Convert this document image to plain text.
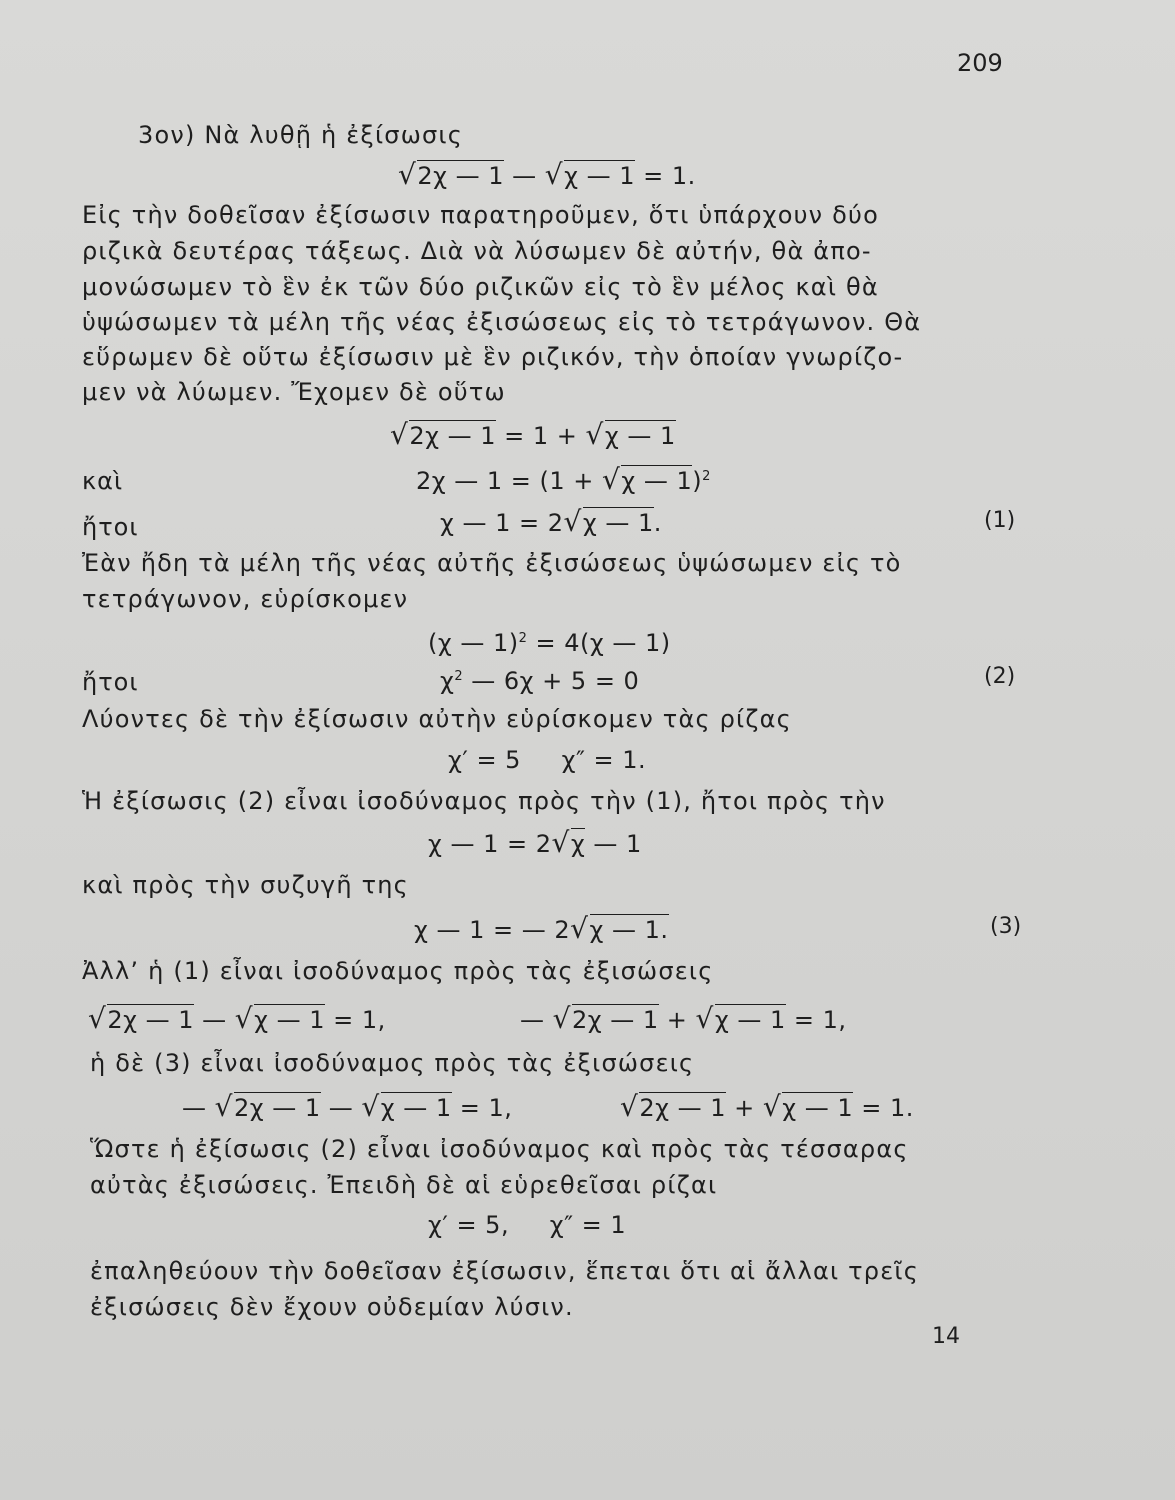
209
3ον) Νὰ λυθῇ ἡ ἐξίσωσις
√ 2χ — 1 — √ χ — 1 = 1.
Εἰς τὴν δοθεῖσαν ἐξίσωσιν παρατηροῦμεν, ὅτι ὑπάρχουν δύο
ριζικὰ δευτέρας τάξεως. Διὰ νὰ λύσωμεν δὲ αὐτήν, θὰ ἀπο-
μονώσωμεν τὸ ἓν ἐκ τῶν δύο ριζικῶν εἰς τὸ ἓν μέλος καὶ θὰ
ὑψώσωμεν τὰ μέλη τῆς νέας ἐξισώσεως εἰς τὸ τετράγωνον. Θὰ
εὕρωμεν δὲ οὕτω ἐξίσωσιν μὲ ἓν ριζικόν, τὴν ὁποίαν γνωρίζο-
μεν νὰ λύωμεν. Ἔχομεν δὲ οὕτω
√ 2χ — 1 = 1 + √ χ — 1
καὶ	2χ — 1 = (1 + √ χ — 1)$^2$
ἤτοι	χ — 1 = 2 √ χ — 1.	(1)
Ἐὰν ἤδη τὰ μέλη τῆς νέας αὐτῆς ἐξισώσεως ὑψώσωμεν εἰς τὸ
τετράγωνον, εὑρίσκομεν
(χ — 1)$^2$ = 4(χ — 1)
ἤτοι	$\chi^2$ — 6χ + 5 = 0	(2)
Λύοντες δὲ τὴν ἐξίσωσιν αὐτὴν εὑρίσκομεν τὰς ρίζας
χ′ = 5     χ″ = 1.
Ἡ ἐξίσωσις (2) εἶναι ἰσοδύναμος πρὸς τὴν (1), ἤτοι πρὸς τὴν
χ — 1 = 2 √ χ — 1
καὶ πρὸς τὴν συζυγῆ της
χ — 1 = — 2 √ χ — 1.	(3)
Ἀλλ’ ἡ (1) εἶναι ἰσοδύναμος πρὸς τὰς ἐξισώσεις
√ 2χ — 1 — √ χ — 1 = 1,	— √ 2χ — 1 + √ χ — 1 = 1,
ἡ δὲ (3) εἶναι ἰσοδύναμος πρὸς τὰς ἐξισώσεις
— √ 2χ — 1 — √ χ — 1 = 1,	√ 2χ — 1 + √ χ — 1 = 1.
Ὥστε ἡ ἐξίσωσις (2) εἶναι ἰσοδύναμος καὶ πρὸς τὰς τέσσαρας
αὐτὰς ἐξισώσεις. Ἐπειδὴ δὲ αἱ εὑρεθεῖσαι ρίζαι
χ′ = 5,     χ″ = 1
ἐπαληθεύουν τὴν δοθεῖσαν ἐξίσωσιν, ἕπεται ὅτι αἱ ἄλλαι τρεῖς
ἐξισώσεις δὲν ἔχουν οὐδεμίαν λύσιν.
14
